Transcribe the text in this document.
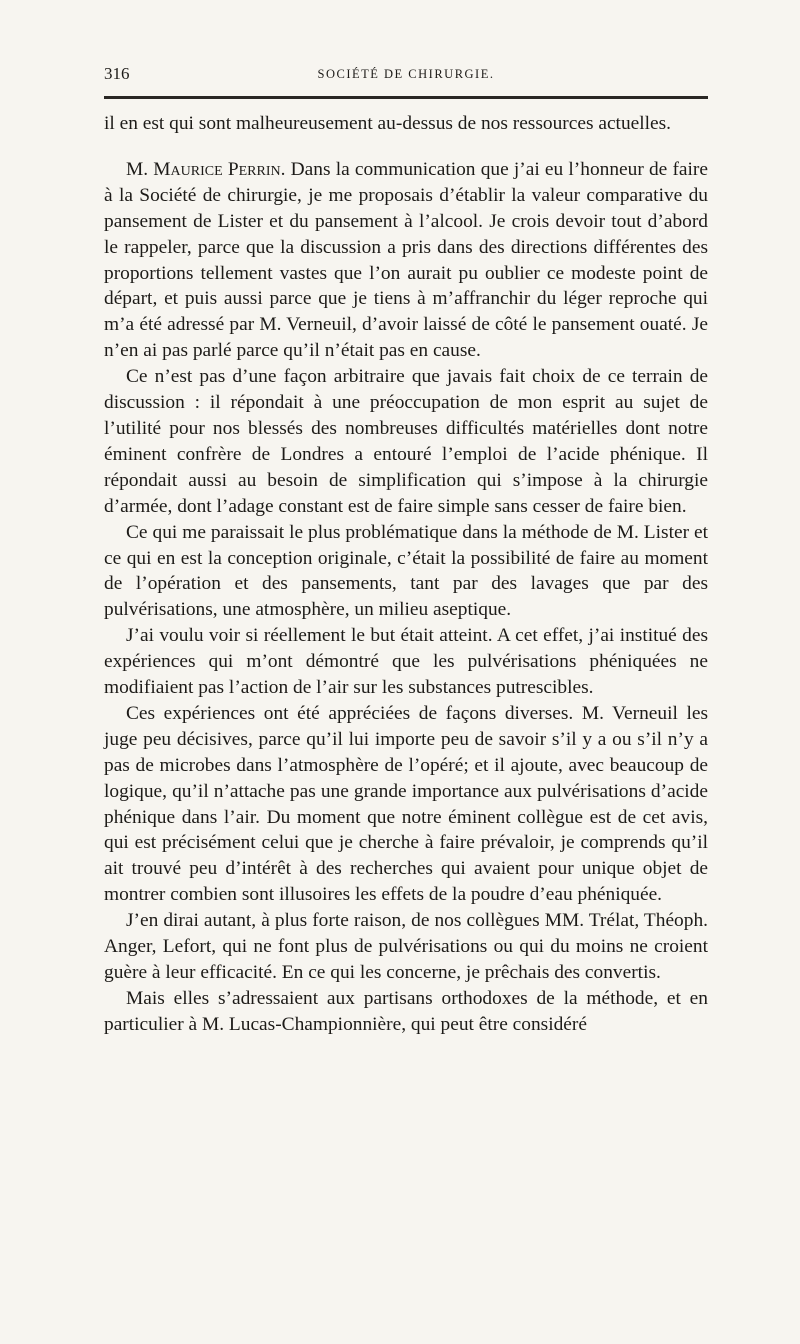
316	SOCIÉTÉ DE CHIRURGIE.

il en est qui sont malheureusement au-dessus de nos ressources actuelles.

M. Maurice Perrin. Dans la communication que j’ai eu l’honneur de faire à la Société de chirurgie, je me proposais d’établir la valeur comparative du pansement de Lister et du pansement à l’alcool. Je crois devoir tout d’abord le rappeler, parce que la discussion a pris dans des directions différentes des proportions tellement vastes que l’on aurait pu oublier ce modeste point de départ, et puis aussi parce que je tiens à m’affranchir du léger reproche qui m’a été adressé par M. Verneuil, d’avoir laissé de côté le pansement ouaté. Je n’en ai pas parlé parce qu’il n’était pas en cause.

Ce n’est pas d’une façon arbitraire que javais fait choix de ce terrain de discussion : il répondait à une préoccupation de mon esprit au sujet de l’utilité pour nos blessés des nombreuses difficultés matérielles dont notre éminent confrère de Londres a entouré l’emploi de l’acide phénique. Il répondait aussi au besoin de simplification qui s’impose à la chirurgie d’armée, dont l’adage constant est de faire simple sans cesser de faire bien.

Ce qui me paraissait le plus problématique dans la méthode de M. Lister et ce qui en est la conception originale, c’était la possibilité de faire au moment de l’opération et des pansements, tant par des lavages que par des pulvérisations, une atmosphère, un milieu aseptique.

J’ai voulu voir si réellement le but était atteint. A cet effet, j’ai institué des expériences qui m’ont démontré que les pulvérisations phéniquées ne modifiaient pas l’action de l’air sur les substances putrescibles.

Ces expériences ont été appréciées de façons diverses. M. Verneuil les juge peu décisives, parce qu’il lui importe peu de savoir s’il y a ou s’il n’y a pas de microbes dans l’atmosphère de l’opéré; et il ajoute, avec beaucoup de logique, qu’il n’attache pas une grande importance aux pulvérisations d’acide phénique dans l’air. Du moment que notre éminent collègue est de cet avis, qui est précisément celui que je cherche à faire prévaloir, je comprends qu’il ait trouvé peu d’intérêt à des recherches qui avaient pour unique objet de montrer combien sont illusoires les effets de la poudre d’eau phéniquée.

J’en dirai autant, à plus forte raison, de nos collègues MM. Trélat, Théoph. Anger, Lefort, qui ne font plus de pulvérisations ou qui du moins ne croient guère à leur efficacité. En ce qui les concerne, je prêchais des convertis.

Mais elles s’adressaient aux partisans orthodoxes de la méthode, et en particulier à M. Lucas-Championnière, qui peut être considéré
